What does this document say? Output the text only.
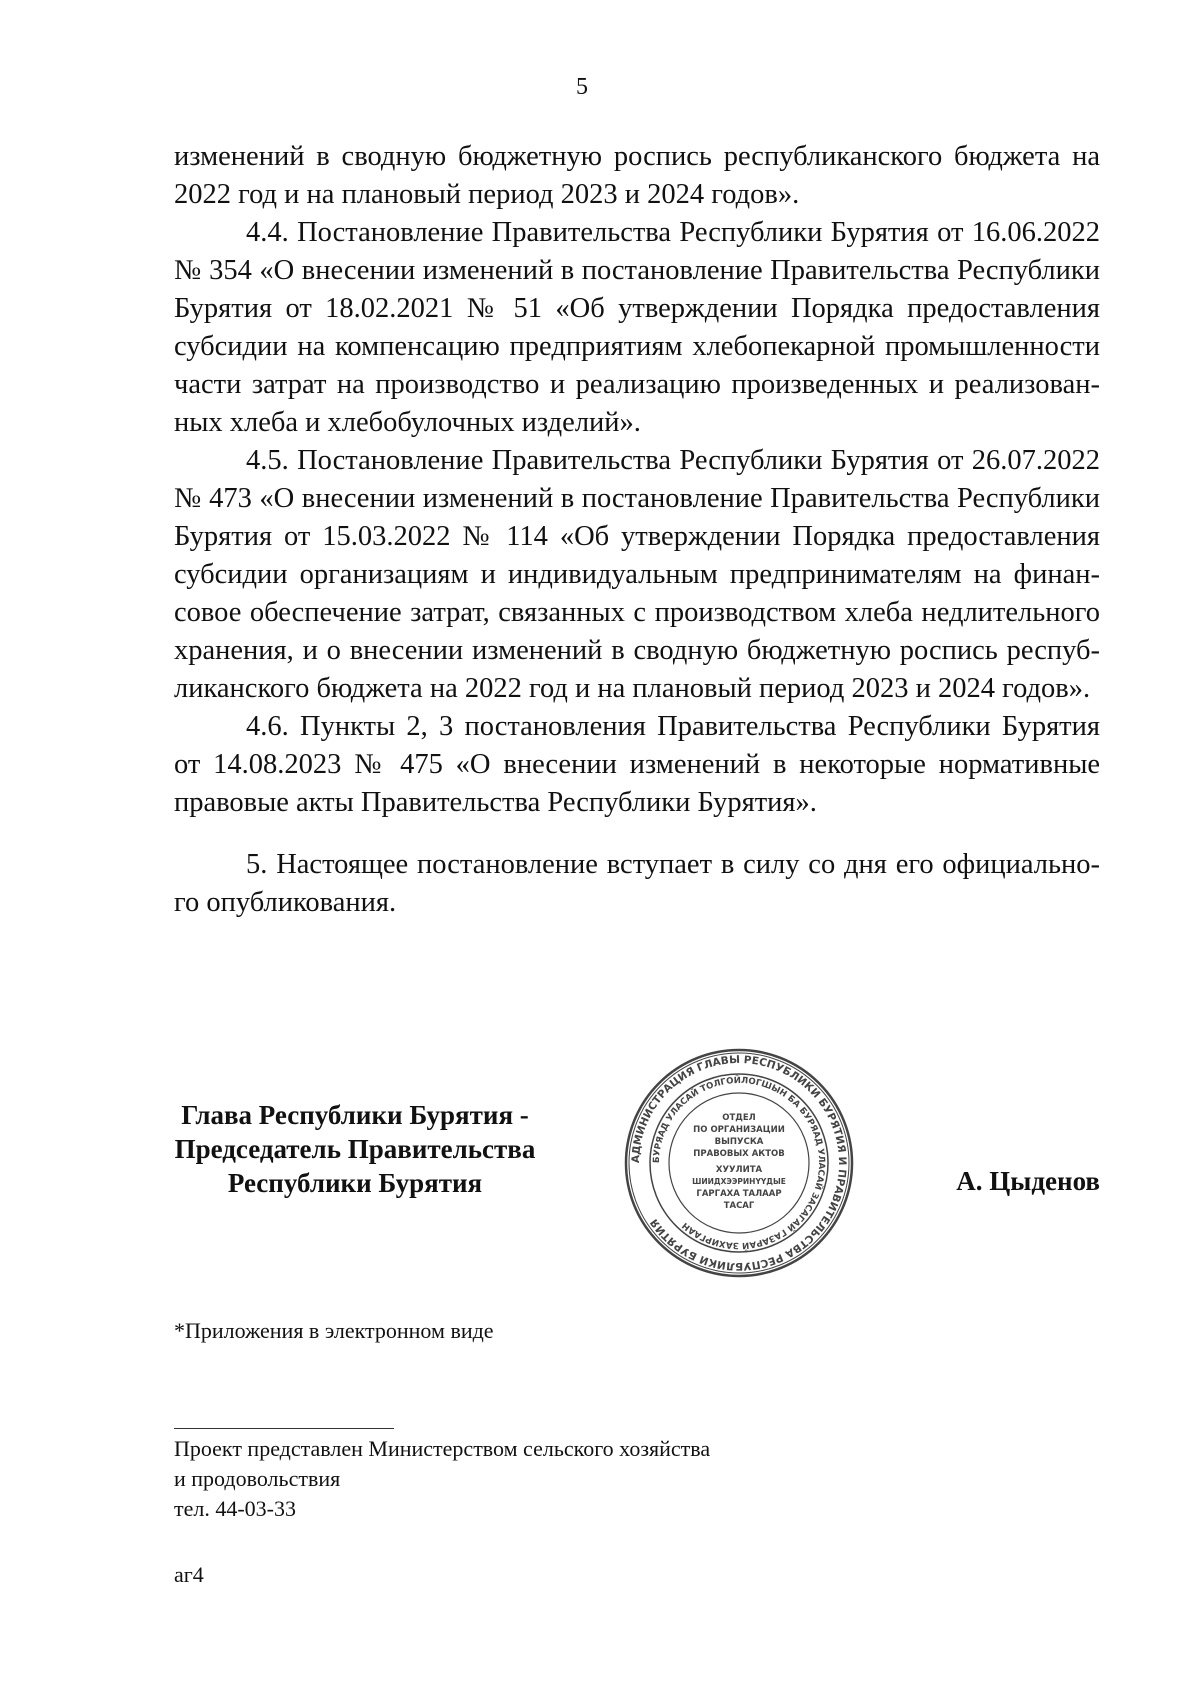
5

изменений в сводную бюджетную роспись республиканского бюджета на 2022 год и на плановый период 2023 и 2024 годов».

4.4. Постановление Правительства Республики Бурятия от 16.06.2022 № 354 «О внесении изменений в постановление Правительства Республики Бурятия от 18.02.2021 № 51 «Об утверждении Порядка предоставления субсидии на компенсацию предприятиям хлебопекарной промышленности части затрат на производство и реализацию произведенных и реализованных хлеба и хлебобулочных изделий».

4.5. Постановление Правительства Республики Бурятия от 26.07.2022 № 473 «О внесении изменений в постановление Правительства Республики Бурятия от 15.03.2022 № 114 «Об утверждении Порядка предоставления субсидии организациям и индивидуальным предпринимателям на финансовое обеспечение затрат, связанных с производством хлеба недлительного хранения, и о внесении изменений в сводную бюджетную роспись республиканского бюджета на 2022 год и на плановый период 2023 и 2024 годов».

4.6. Пункты 2, 3 постановления Правительства Республики Бурятия от 14.08.2023 № 475 «О внесении изменений в некоторые нормативные правовые акты Правительства Республики Бурятия».

5. Настоящее постановление вступает в силу со дня его официального опубликования.

Глава Республики Бурятия -
Председатель Правительства
Республики Бурятия
АДМИНИСТРАЦИЯ ГЛАВЫ РЕСПУБЛИКИ БУРЯТИЯ И ПРАВИТЕЛЬСТВА РЕСПУБЛИКИ БУРЯТИЯ
БУРЯАД УЛАСАЙ ТОЛГОЙЛОГШЫН БА БУРЯАД УЛАСАЙ ЗАСАГАЙ ГАЗАРАЙ ЗАХИРГААН
ОТДЕЛ
ПО ОРГАНИЗАЦИИ
ВЫПУСКА
ПРАВОВЫХ АКТОВ
ХУУЛИТА
ШИИДХЭЭРИНҮҮДЫЕ
ГАРГАХА ТАЛААР
ТАСАГ
А. Цыденов
*Приложения в электронном виде
Проект представлен Министерством сельского хозяйства
и продовольствия
тел. 44-03-33
аг4
